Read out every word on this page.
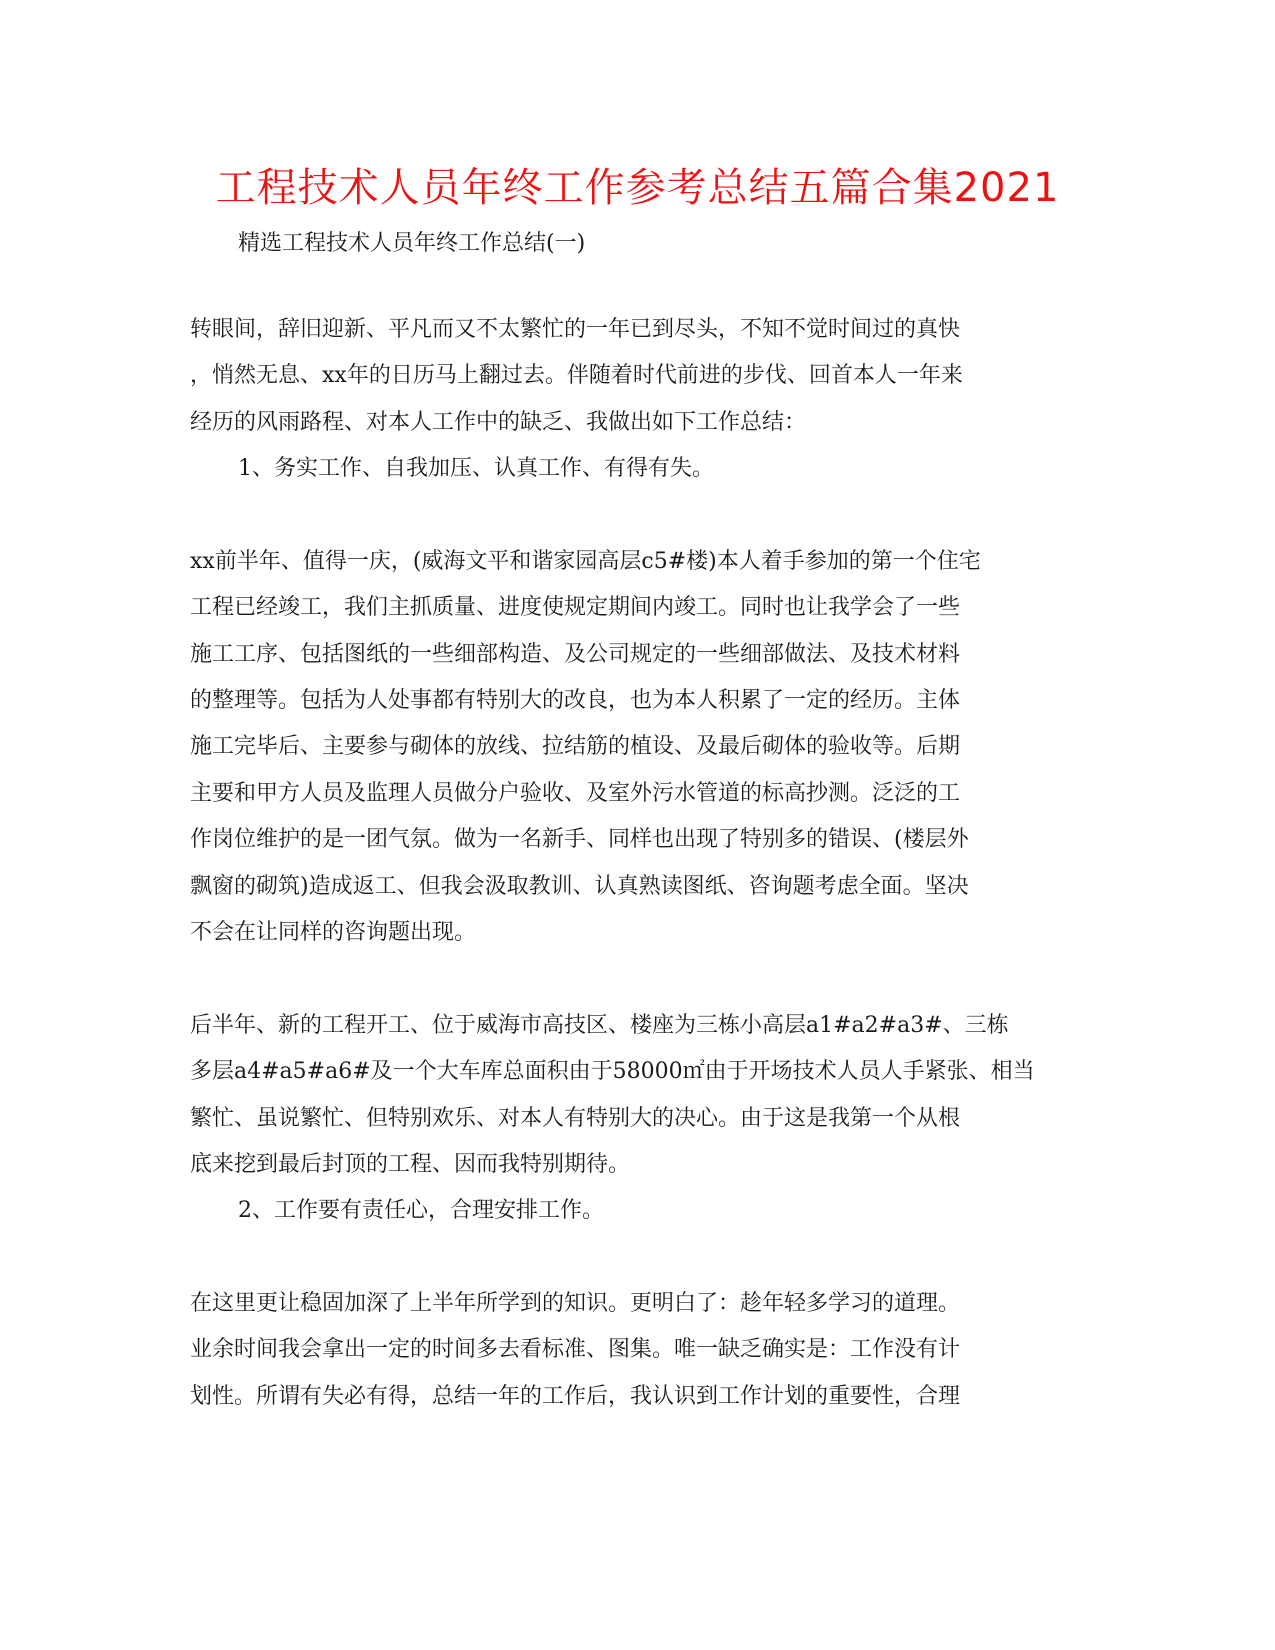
工程技术人员年终工作参考总结五篇合集2021
精选工程技术人员年终工作总结(一)
转眼间，辞旧迎新、平凡而又不太繁忙的一年已到尽头，不知不觉时间过的真快
，悄然无息、xx年的日历马上翻过去。伴随着时代前进的步伐、回首本人一年来
经历的风雨路程、对本人工作中的缺乏、我做出如下工作总结：
1、务实工作、自我加压、认真工作、有得有失。
xx前半年、值得一庆，(威海文平和谐家园高层c5#楼)本人着手参加的第一个住宅
工程已经竣工，我们主抓质量、进度使规定期间内竣工。同时也让我学会了一些
施工工序、包括图纸的一些细部构造、及公司规定的一些细部做法、及技术材料
的整理等。包括为人处事都有特别大的改良，也为本人积累了一定的经历。主体
施工完毕后、主要参与砌体的放线、拉结筋的植设、及最后砌体的验收等。后期
主要和甲方人员及监理人员做分户验收、及室外污水管道的标高抄测。泛泛的工
作岗位维护的是一团气氛。做为一名新手、同样也出现了特别多的错误、(楼层外
飘窗的砌筑)造成返工、但我会汲取教训、认真熟读图纸、咨询题考虑全面。坚决
不会在让同样的咨询题出现。
后半年、新的工程开工、位于威海市高技区、楼座为三栋小高层a1#a2#a3#、三栋
多层a4#a5#a6#及一个大车库总面积由于58000㎡由于开场技术人员人手紧张、相当
繁忙、虽说繁忙、但特别欢乐、对本人有特别大的决心。由于这是我第一个从根
底来挖到最后封顶的工程、因而我特别期待。
2、工作要有责任心，合理安排工作。
在这里更让稳固加深了上半年所学到的知识。更明白了：趁年轻多学习的道理。
业余时间我会拿出一定的时间多去看标准、图集。唯一缺乏确实是：工作没有计
划性。所谓有失必有得，总结一年的工作后，我认识到工作计划的重要性，合理
